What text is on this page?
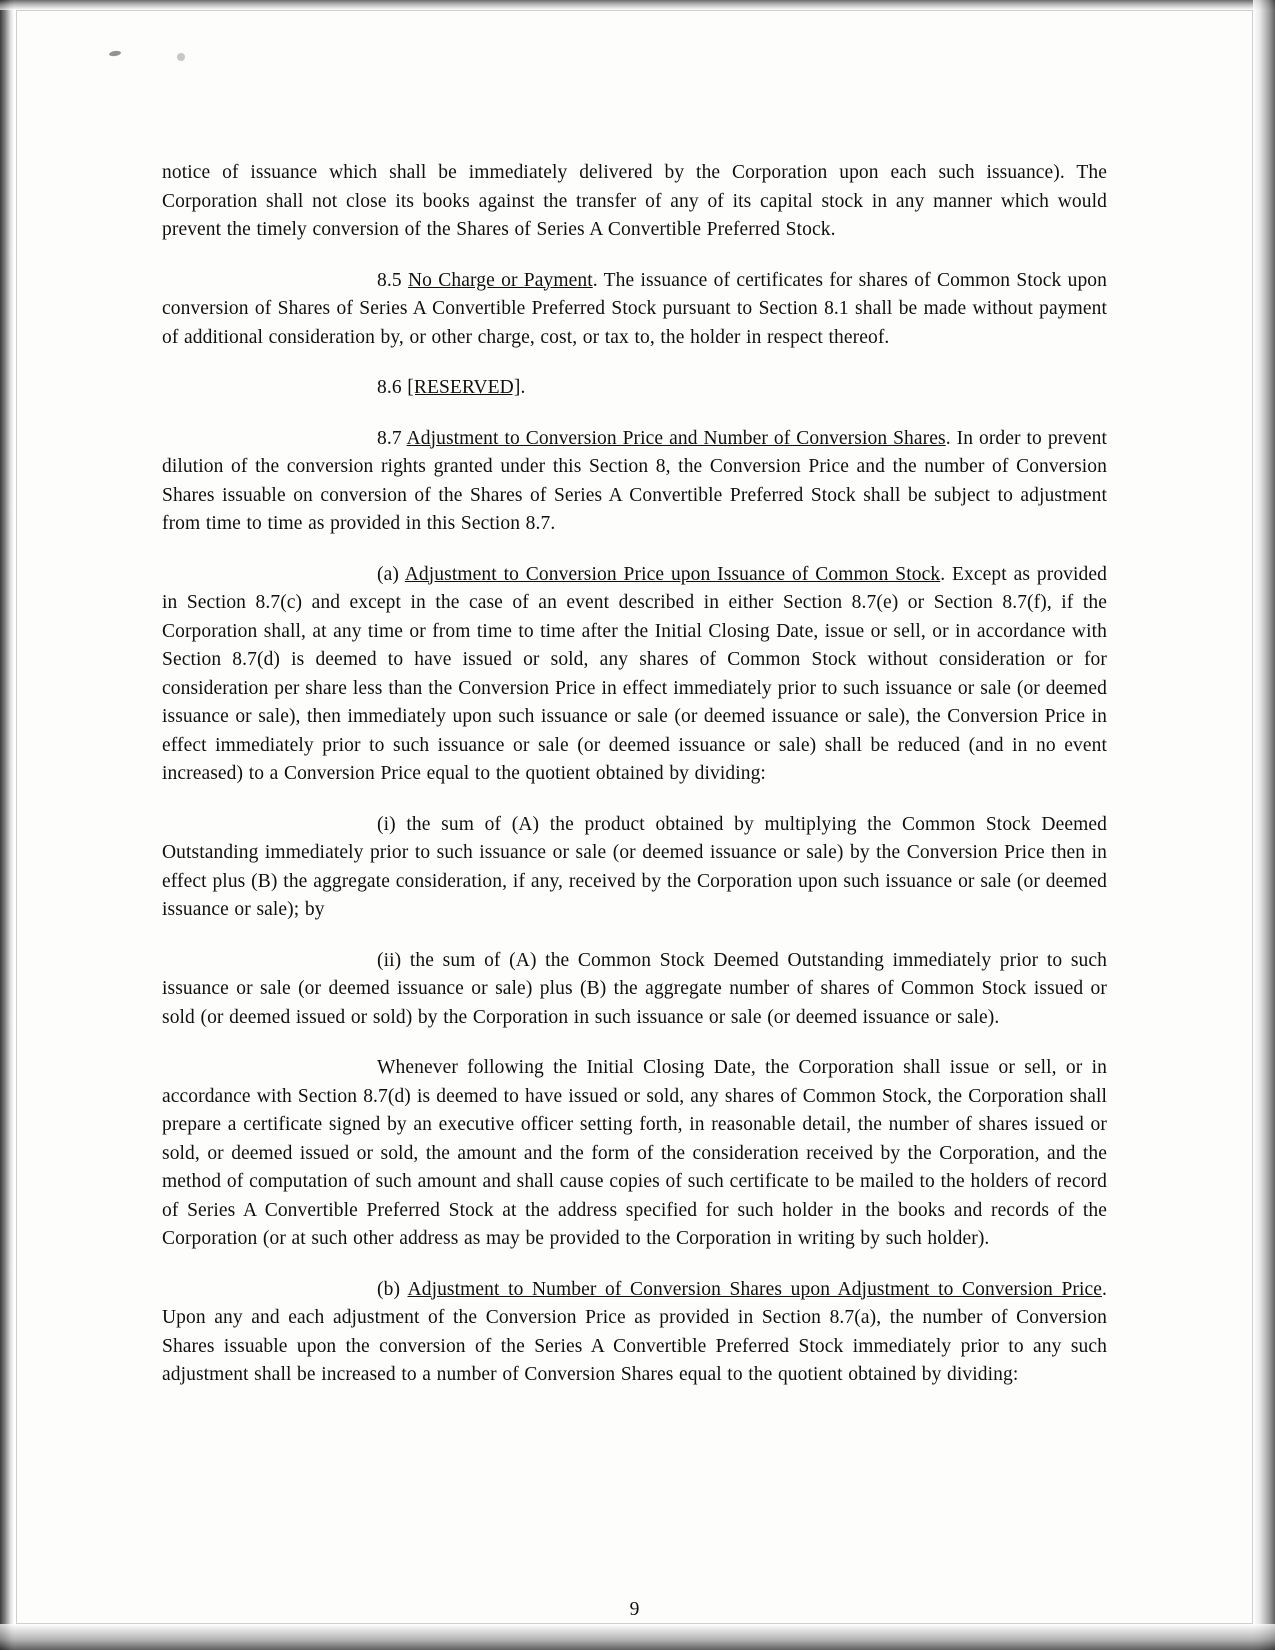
notice of issuance which shall be immediately delivered by the Corporation upon each such issuance). The Corporation shall not close its books against the transfer of any of its capital stock in any manner which would prevent the timely conversion of the Shares of Series A Convertible Preferred Stock.

8.5 No Charge or Payment. The issuance of certificates for shares of Common Stock upon conversion of Shares of Series A Convertible Preferred Stock pursuant to Section 8.1 shall be made without payment of additional consideration by, or other charge, cost, or tax to, the holder in respect thereof.

8.6 [RESERVED].

8.7 Adjustment to Conversion Price and Number of Conversion Shares. In order to prevent dilution of the conversion rights granted under this Section 8, the Conversion Price and the number of Conversion Shares issuable on conversion of the Shares of Series A Convertible Preferred Stock shall be subject to adjustment from time to time as provided in this Section 8.7.

(a) Adjustment to Conversion Price upon Issuance of Common Stock. Except as provided in Section 8.7(c) and except in the case of an event described in either Section 8.7(e) or Section 8.7(f), if the Corporation shall, at any time or from time to time after the Initial Closing Date, issue or sell, or in accordance with Section 8.7(d) is deemed to have issued or sold, any shares of Common Stock without consideration or for consideration per share less than the Conversion Price in effect immediately prior to such issuance or sale (or deemed issuance or sale), then immediately upon such issuance or sale (or deemed issuance or sale), the Conversion Price in effect immediately prior to such issuance or sale (or deemed issuance or sale) shall be reduced (and in no event increased) to a Conversion Price equal to the quotient obtained by dividing:

(i) the sum of (A) the product obtained by multiplying the Common Stock Deemed Outstanding immediately prior to such issuance or sale (or deemed issuance or sale) by the Conversion Price then in effect plus (B) the aggregate consideration, if any, received by the Corporation upon such issuance or sale (or deemed issuance or sale); by

(ii) the sum of (A) the Common Stock Deemed Outstanding immediately prior to such issuance or sale (or deemed issuance or sale) plus (B) the aggregate number of shares of Common Stock issued or sold (or deemed issued or sold) by the Corporation in such issuance or sale (or deemed issuance or sale).

Whenever following the Initial Closing Date, the Corporation shall issue or sell, or in accordance with Section 8.7(d) is deemed to have issued or sold, any shares of Common Stock, the Corporation shall prepare a certificate signed by an executive officer setting forth, in reasonable detail, the number of shares issued or sold, or deemed issued or sold, the amount and the form of the consideration received by the Corporation, and the method of computation of such amount and shall cause copies of such certificate to be mailed to the holders of record of Series A Convertible Preferred Stock at the address specified for such holder in the books and records of the Corporation (or at such other address as may be provided to the Corporation in writing by such holder).

(b) Adjustment to Number of Conversion Shares upon Adjustment to Conversion Price. Upon any and each adjustment of the Conversion Price as provided in Section 8.7(a), the number of Conversion Shares issuable upon the conversion of the Series A Convertible Preferred Stock immediately prior to any such adjustment shall be increased to a number of Conversion Shares equal to the quotient obtained by dividing:

9
